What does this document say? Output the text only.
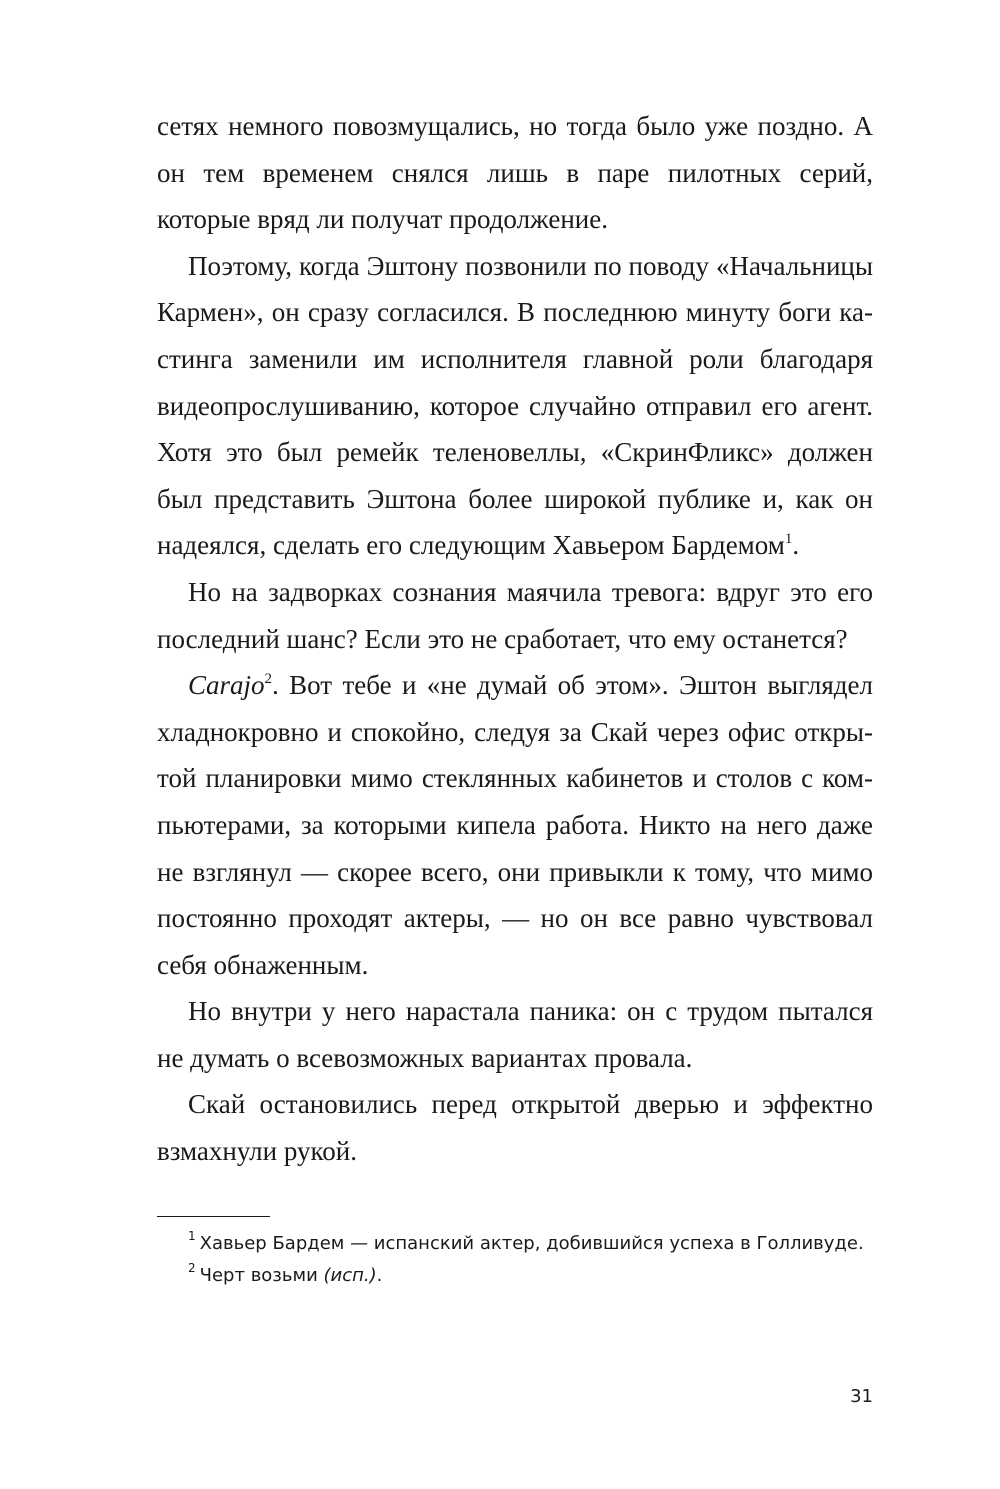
сетях немного повозмущались, но тогда было уже поздно. А он тем временем снялся лишь в паре пилотных серий, которые вряд ли получат продолжение.

Поэтому, когда Эштону позвонили по поводу «Начальницы Кармен», он сразу согласился. В последнюю минуту боги кастинга заменили им исполнителя главной роли благодаря видеопрослушиванию, которое случайно отправил его агент. Хотя это был ремейк теленовеллы, «СкринФликс» должен был представить Эштона более широкой публике и, как он надеялся, сделать его следующим Хавьером Бардемом$^1$.

Но на задворках сознания маячила тревога: вдруг это его последний шанс? Если это не сработает, что ему останется?

Carajo$^2$. Вот тебе и «не думай об этом». Эштон выглядел хладнокровно и спокойно, следуя за Скай через офис открытой планировки мимо стеклянных кабинетов и столов с компьютерами, за которыми кипела работа. Никто на него даже не взглянул — скорее всего, они привыкли к тому, что мимо постоянно проходят актеры, — но он все равно чувствовал себя обнаженным.

Но внутри у него нарастала паника: он с трудом пытался не думать о всевозможных вариантах провала.

Скай остановились перед открытой дверью и эффектно взмахнули рукой.

$^1$ Хавьер Бардем — испанский актер, добившийся успеха в Голливуде.

$^2$ Черт возьми (исп.).

31
